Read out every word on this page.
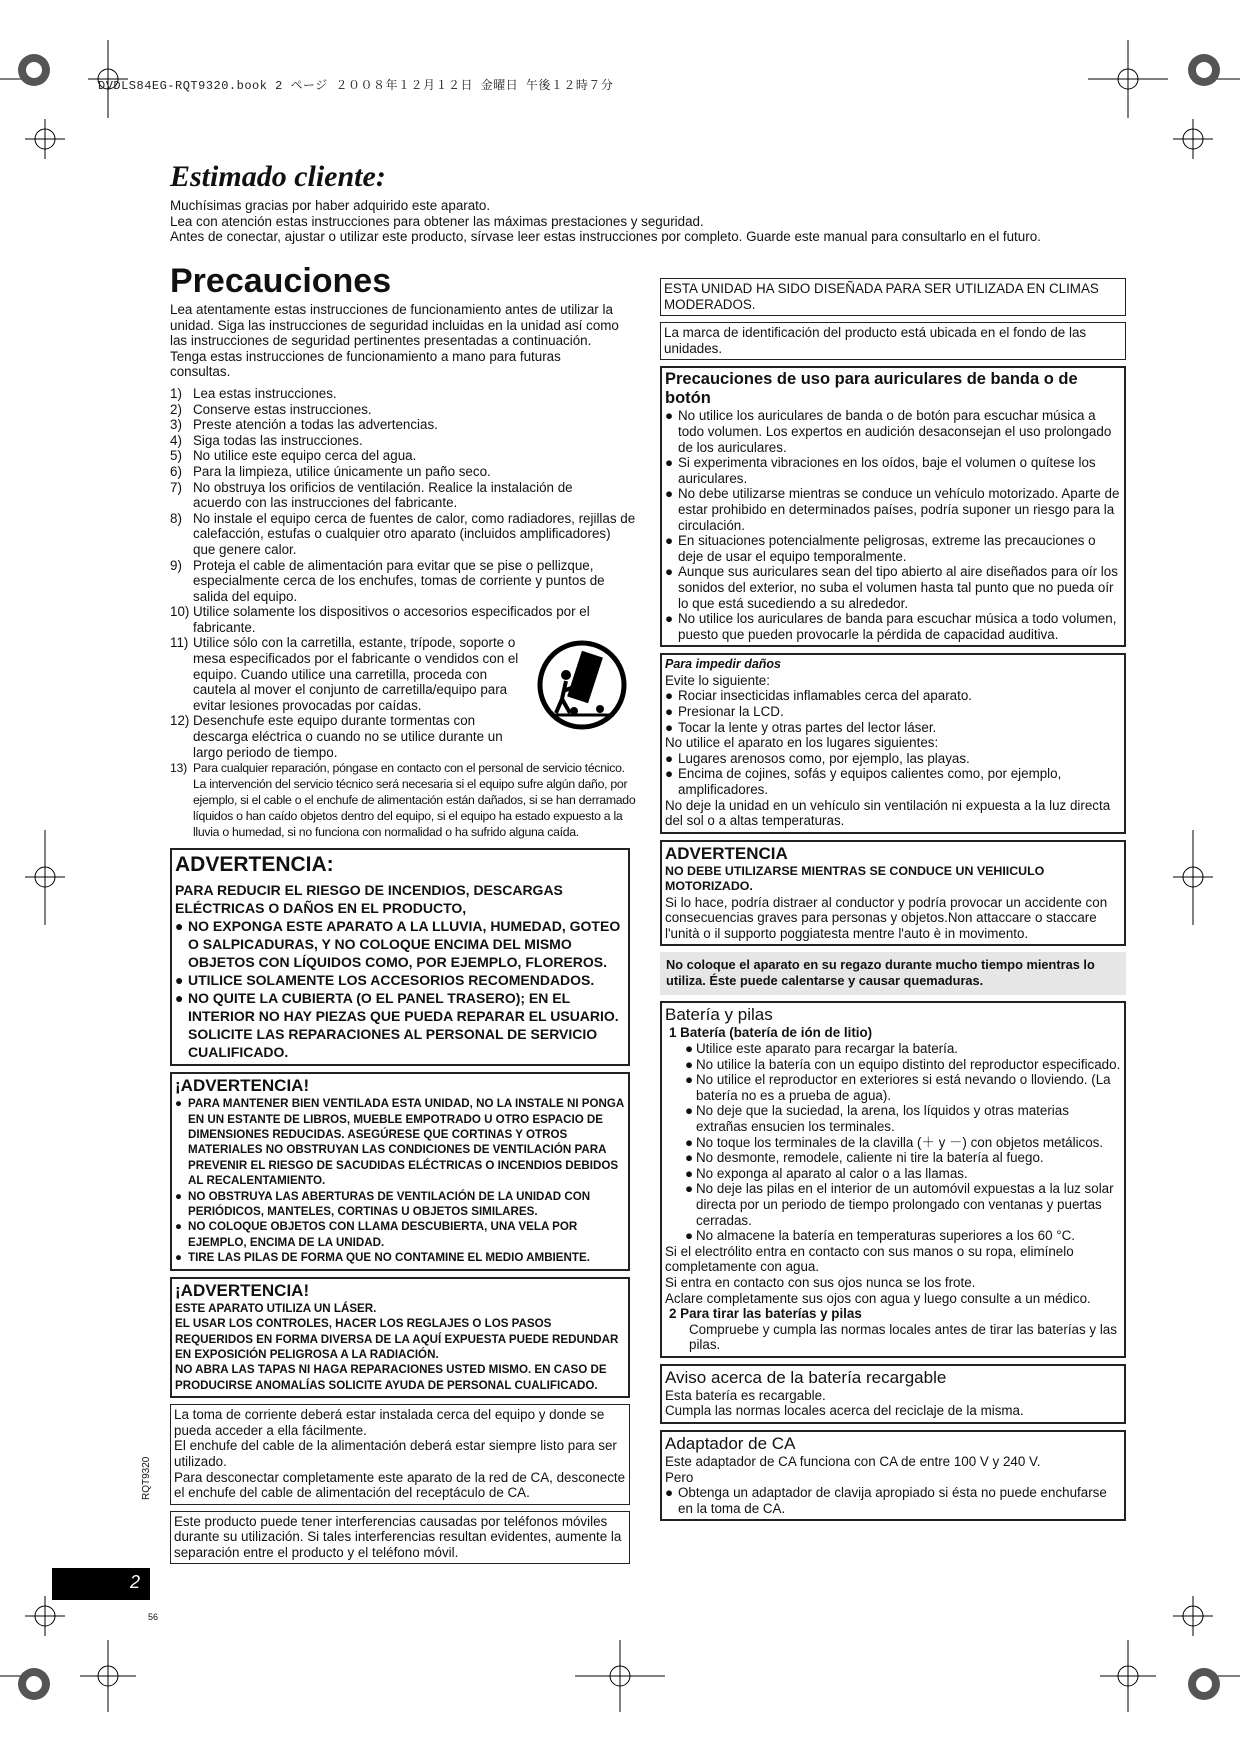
DVDLS84EG-RQT9320.book 2 ページ ２００８年１２月１２日 金曜日 午後１２時７分
Estimado cliente:

Muchísimas gracias por haber adquirido este aparato.

Lea con atención estas instrucciones para obtener las máximas prestaciones y seguridad.

Antes de conectar, ajustar o utilizar este producto, sírvase leer estas instrucciones por completo. Guarde este manual para consultarlo en el futuro.

Precauciones

Lea atentamente estas instrucciones de funcionamiento antes de utilizar la unidad. Siga las instrucciones de seguridad incluidas en la unidad así como las instrucciones de seguridad pertinentes presentadas a continuación. Tenga estas instrucciones de funcionamiento a mano para futuras consultas.

1) Lea estas instrucciones.
2) Conserve estas instrucciones.
3) Preste atención a todas las advertencias.
4) Siga todas las instrucciones.
5) No utilice este equipo cerca del agua.
6) Para la limpieza, utilice únicamente un paño seco.
7) No obstruya los orificios de ventilación. Realice la instalación de acuerdo con las instrucciones del fabricante.
8) No instale el equipo cerca de fuentes de calor, como radiadores, rejillas de calefacción, estufas o cualquier otro aparato (incluidos amplificadores) que genere calor.
9) Proteja el cable de alimentación para evitar que se pise o pellizque, especialmente cerca de los enchufes, tomas de corriente y puntos de salida del equipo.
10) Utilice solamente los dispositivos o accesorios especificados por el fabricante.
11) Utilice sólo con la carretilla, estante, trípode, soporte o mesa especificados por el fabricante o vendidos con el equipo. Cuando utilice una carretilla, proceda con cautela al mover el conjunto de carretilla/equipo para evitar lesiones provocadas por caídas.
12) Desenchufe este equipo durante tormentas con descarga eléctrica o cuando no se utilice durante un largo periodo de tiempo.
13) Para cualquier reparación, póngase en contacto con el personal de servicio técnico. La intervención del servicio técnico será necesaria si el equipo sufre algún daño, por ejemplo, si el cable o el enchufe de alimentación están dañados, si se han derramado líquidos o han caído objetos dentro del equipo, si el equipo ha estado expuesto a la lluvia o humedad, si no funciona con normalidad o ha sufrido alguna caída.
ADVERTENCIA:
PARA REDUCIR EL RIESGO DE INCENDIOS, DESCARGAS ELÉCTRICAS O DAÑOS EN EL PRODUCTO,
● NO EXPONGA ESTE APARATO A LA LLUVIA, HUMEDAD, GOTEO O SALPICADURAS, Y NO COLOQUE ENCIMA DEL MISMO OBJETOS CON LÍQUIDOS COMO, POR EJEMPLO, FLOREROS.
● UTILICE SOLAMENTE LOS ACCESORIOS RECOMENDADOS.
● NO QUITE LA CUBIERTA (O EL PANEL TRASERO); EN EL INTERIOR NO HAY PIEZAS QUE PUEDA REPARAR EL USUARIO. SOLICITE LAS REPARACIONES AL PERSONAL DE SERVICIO CUALIFICADO.
¡ADVERTENCIA!
● PARA MANTENER BIEN VENTILADA ESTA UNIDAD, NO LA INSTALE NI PONGA EN UN ESTANTE DE LIBROS, MUEBLE EMPOTRADO U OTRO ESPACIO DE DIMENSIONES REDUCIDAS. ASEGÚRESE QUE CORTINAS Y OTROS MATERIALES NO OBSTRUYAN LAS CONDICIONES DE VENTILACIÓN PARA PREVENIR EL RIESGO DE SACUDIDAS ELÉCTRICAS O INCENDIOS DEBIDOS AL RECALENTAMIENTO.
● NO OBSTRUYA LAS ABERTURAS DE VENTILACIÓN DE LA UNIDAD CON PERIÓDICOS, MANTELES, CORTINAS U OBJETOS SIMILARES.
● NO COLOQUE OBJETOS CON LLAMA DESCUBIERTA, UNA VELA POR EJEMPLO, ENCIMA DE LA UNIDAD.
● TIRE LAS PILAS DE FORMA QUE NO CONTAMINE EL MEDIO AMBIENTE.
¡ADVERTENCIA!
ESTE APARATO UTILIZA UN LÁSER.
EL USAR LOS CONTROLES, HACER LOS REGLAJES O LOS PASOS REQUERIDOS EN FORMA DIVERSA DE LA AQUÍ EXPUESTA PUEDE REDUNDAR EN EXPOSICIÓN PELIGROSA A LA RADIACIÓN.
NO ABRA LAS TAPAS NI HAGA REPARACIONES USTED MISMO. EN CASO DE PRODUCIRSE ANOMALÍAS SOLICITE AYUDA DE PERSONAL CUALIFICADO.

La toma de corriente deberá estar instalada cerca del equipo y donde se pueda acceder a ella fácilmente.

El enchufe del cable de la alimentación deberá estar siempre listo para ser utilizado.

Para desconectar completamente este aparato de la red de CA, desconecte el enchufe del cable de alimentación del receptáculo de CA.

Este producto puede tener interferencias causadas por teléfonos móviles durante su utilización. Si tales interferencias resultan evidentes, aumente la separación entre el producto y el teléfono móvil.

ESTA UNIDAD HA SIDO DISEÑADA PARA SER UTILIZADA EN CLIMAS MODERADOS.

La marca de identificación del producto está ubicada en el fondo de las unidades.

Precauciones de uso para auriculares de banda o de botón
● No utilice los auriculares de banda o de botón para escuchar música a todo volumen. Los expertos en audición desaconsejan el uso prolongado de los auriculares.
● Si experimenta vibraciones en los oídos, baje el volumen o quítese los auriculares.
● No debe utilizarse mientras se conduce un vehículo motorizado. Aparte de estar prohibido en determinados países, podría suponer un riesgo para la circulación.
● En situaciones potencialmente peligrosas, extreme las precauciones o deje de usar el equipo temporalmente.
● Aunque sus auriculares sean del tipo abierto al aire diseñados para oír los sonidos del exterior, no suba el volumen hasta tal punto que no pueda oír lo que está sucediendo a su alrededor.
● No utilice los auriculares de banda para escuchar música a todo volumen, puesto que pueden provocarle la pérdida de capacidad auditiva.
Para impedir daños

Evite lo siguiente:

● Rociar insecticidas inflamables cerca del aparato.
● Presionar la LCD.
● Tocar la lente y otras partes del lector láser.

No utilice el aparato en los lugares siguientes:

● Lugares arenosos como, por ejemplo, las playas.
● Encima de cojines, sofás y equipos calientes como, por ejemplo, amplificadores.

No deje la unidad en un vehículo sin ventilación ni expuesta a la luz directa del sol o a altas temperaturas.

ADVERTENCIA
NO DEBE UTILIZARSE MIENTRAS SE CONDUCE UN VEHIICULO MOTORIZADO.

Si lo hace, podría distraer al conductor y podría provocar un accidente con consecuencias graves para personas y objetos.Non attaccare o staccare l'unità o il supporto poggiatesta mentre l'auto è in movimento.

No coloque el aparato en su regazo durante mucho tiempo mientras lo utiliza. Éste puede calentarse y causar quemaduras.

Batería y pilas
1 Batería (batería de ión de litio)
● Utilice este aparato para recargar la batería.
● No utilice la batería con un equipo distinto del reproductor especificado.
● No utilice el reproductor en exteriores si está nevando o lloviendo. (La batería no es a prueba de agua).
● No deje que la suciedad, la arena, los líquidos y otras materias extrañas ensucien los terminales.
● No toque los terminales de la clavilla (＋ y －) con objetos metálicos.
● No desmonte, remodele, caliente ni tire la batería al fuego.
● No exponga al aparato al calor o a las llamas.
● No deje las pilas en el interior de un automóvil expuestas a la luz solar directa por un periodo de tiempo prolongado con ventanas y puertas cerradas.
● No almacene la batería en temperaturas superiores a los 60 °C.

Si el electrólito entra en contacto con sus manos o su ropa, elimínelo completamente con agua.

Si entra en contacto con sus ojos nunca se los frote.

Aclare completamente sus ojos con agua y luego consulte a un médico.

2 Para tirar las baterías y pilas

Compruebe y cumpla las normas locales antes de tirar las baterías y las pilas.

Aviso acerca de la batería recargable

Esta batería es recargable.

Cumpla las normas locales acerca del reciclaje de la misma.

Adaptador de CA

Este adaptador de CA funciona con CA de entre 100 V y 240 V.

Pero

● Obtenga un adaptador de clavija apropiado si ésta no puede enchufarse en la toma de CA.
RQT9320
2
56
